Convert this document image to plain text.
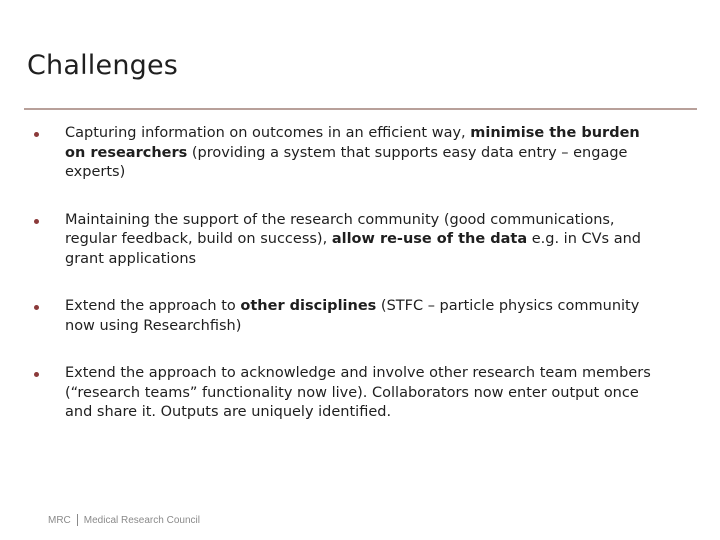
Challenges

Capturing information on outcomes in an efficient way, minimise the burden on researchers (providing a system that supports easy data entry – engage experts)

Maintaining the support of the research community (good communications, regular feedback, build on success), allow re-use of the data e.g. in CVs and grant applications

Extend the approach to other disciplines (STFC – particle physics community now using Researchfish)

Extend the approach to acknowledge and involve other research team members (“research teams” functionality now live). Collaborators now enter output once and share it. Outputs are uniquely identified.

MRC Medical Research Council
